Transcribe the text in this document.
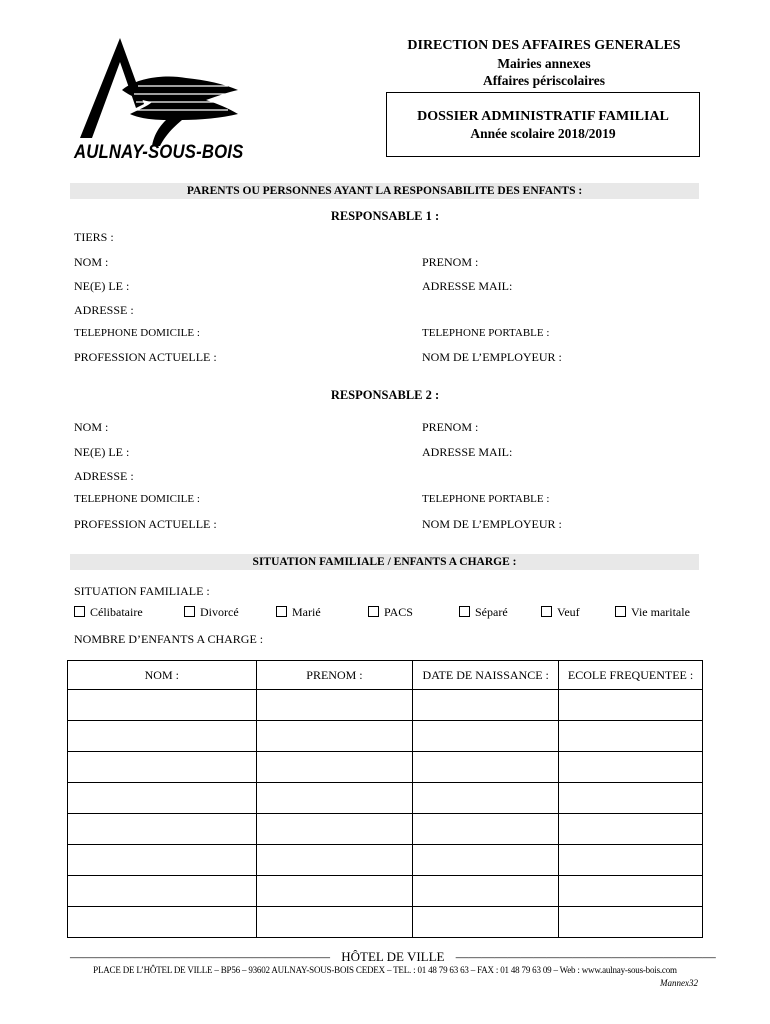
AULNAY-SOUS-BOIS
DIRECTION DES AFFAIRES GENERALES
Mairies annexes
Affaires périscolaires
DOSSIER ADMINISTRATIF FAMILIAL
Année scolaire 2018/2019
PARENTS OU PERSONNES AYANT LA RESPONSABILITE DES ENFANTS :
RESPONSABLE 1 :
TIERS :
NOM :	PRENOM :
NE(E) LE :	ADRESSE MAIL:
ADRESSE :
TELEPHONE DOMICILE :	TELEPHONE PORTABLE :
PROFESSION ACTUELLE :	NOM DE L’EMPLOYEUR :
RESPONSABLE 2 :
NOM :	PRENOM :
NE(E) LE :	ADRESSE MAIL:
ADRESSE :
TELEPHONE DOMICILE :	TELEPHONE PORTABLE :
PROFESSION ACTUELLE :	NOM DE L’EMPLOYEUR :
SITUATION FAMILIALE / ENFANTS A CHARGE :
SITUATION FAMILIALE :
Célibataire	Divorcé	Marié	PACS	Séparé	Veuf	Vie maritale
NOMBRE D’ENFANTS A CHARGE :
NOM :	PRENOM :	DATE DE NAISSANCE :	ECOLE FREQUENTEE :

———————————————————— HÔTEL DE VILLE ————————————————————
PLACE DE L’HÔTEL DE VILLE – BP56 – 93602 AULNAY-SOUS-BOIS CEDEX – TEL. : 01 48 79 63 63 – FAX : 01 48 79 63 09 – Web : www.aulnay-sous-bois.com
Mannex32
